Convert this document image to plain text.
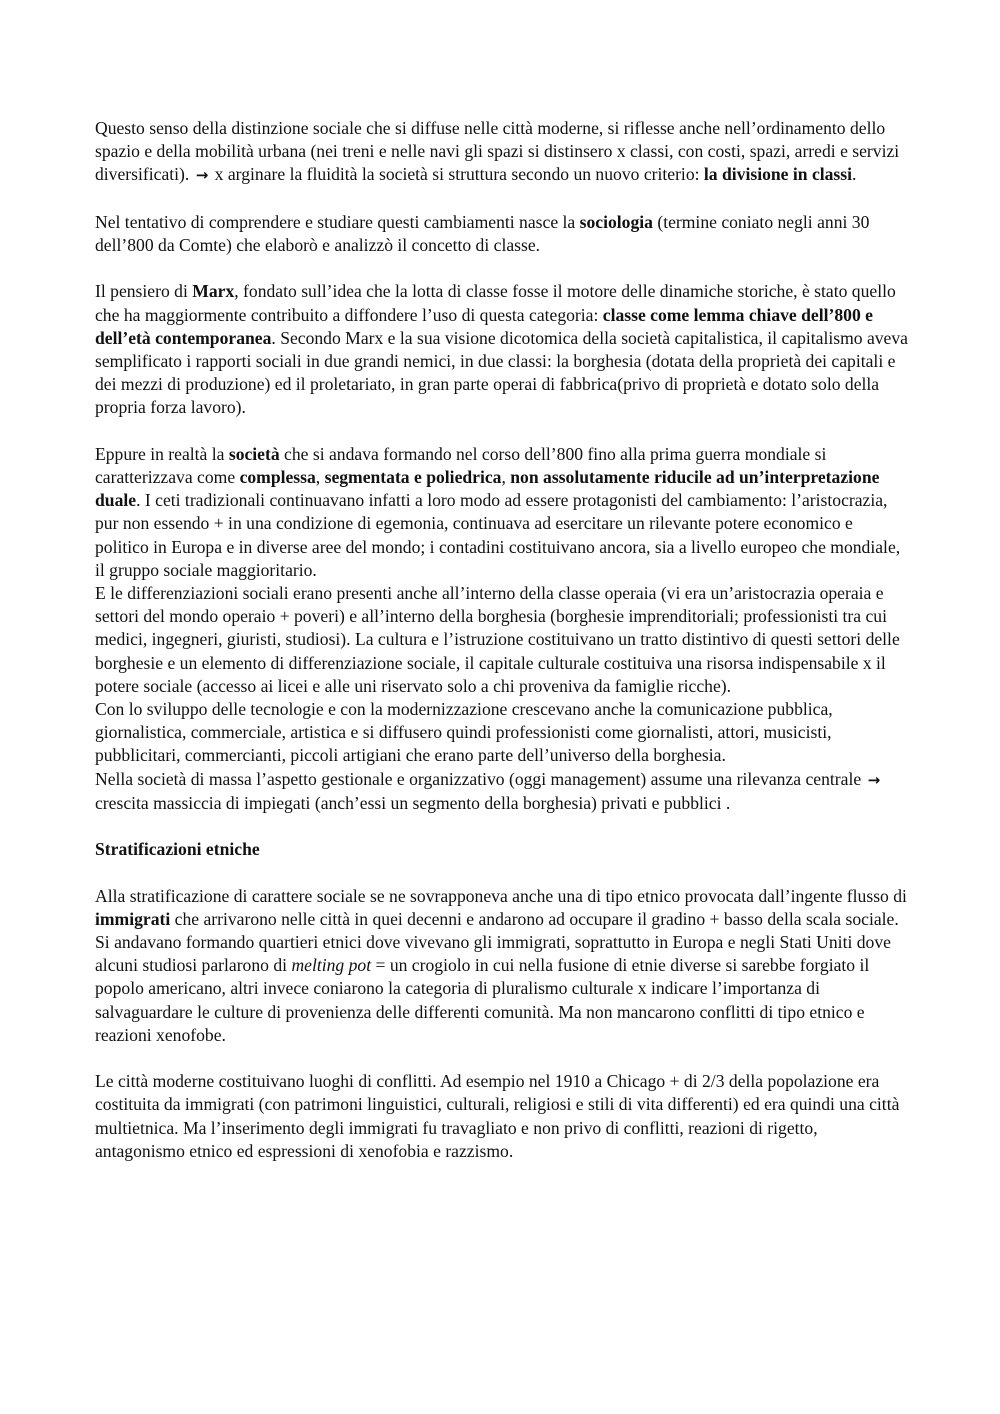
Questo senso della distinzione sociale che si diffuse nelle città moderne, si riflesse anche nell’ordinamento dello spazio e della mobilità urbana (nei treni e nelle navi gli spazi si distinsero x classi, con costi, spazi, arredi e servizi diversificati). → x arginare la fluidità la società si struttura secondo un nuovo criterio: la divisione in classi.

Nel tentativo di comprendere e studiare questi cambiamenti nasce la sociologia (termine coniato negli anni 30 dell’800 da Comte) che elaborò e analizzò il concetto di classe.

Il pensiero di Marx, fondato sull’idea che la lotta di classe fosse il motore delle dinamiche storiche, è stato quello che ha maggiormente contribuito a diffondere l’uso di questa categoria: classe come lemma chiave dell’800 e dell’età contemporanea. Secondo Marx e la sua visione dicotomica della società capitalistica, il capitalismo aveva semplificato i rapporti sociali in due grandi nemici, in due classi: la borghesia (dotata della proprietà dei capitali e dei mezzi di produzione) ed il proletariato, in gran parte operai di fabbrica(privo di proprietà e dotato solo della propria forza lavoro).

Eppure in realtà la società che si andava formando nel corso dell’800 fino alla prima guerra mondiale si caratterizzava come complessa, segmentata e poliedrica, non assolutamente riducile ad un’interpretazione duale. I ceti tradizionali continuavano infatti a loro modo ad essere protagonisti del cambiamento: l’aristocrazia, pur non essendo + in una condizione di egemonia, continuava ad esercitare un rilevante potere economico e politico in Europa e in diverse aree del mondo; i contadini costituivano ancora, sia a livello europeo che mondiale, il gruppo sociale maggioritario.

E le differenziazioni sociali erano presenti anche all’interno della classe operaia (vi era un’aristocrazia operaia e settori del mondo operaio + poveri) e all’interno della borghesia (borghesie imprenditoriali; professionisti tra cui medici, ingegneri, giuristi, studiosi). La cultura e l’istruzione costituivano un tratto distintivo di questi settori delle borghesie e un elemento di differenziazione sociale, il capitale culturale costituiva una risorsa indispensabile x il potere sociale (accesso ai licei e alle uni riservato solo a chi proveniva da famiglie ricche).

Con lo sviluppo delle tecnologie e con la modernizzazione crescevano anche la comunicazione pubblica, giornalistica, commerciale, artistica e si diffusero quindi professionisti come giornalisti, attori, musicisti, pubblicitari, commercianti, piccoli artigiani che erano parte dell’universo della borghesia.

Nella società di massa l’aspetto gestionale e organizzativo (oggi management) assume una rilevanza centrale → crescita massiccia di impiegati (anch’essi un segmento della borghesia) privati e pubblici .

Stratificazioni etniche

Alla stratificazione di carattere sociale se ne sovrapponeva anche una di tipo etnico provocata dall’ingente flusso di immigrati che arrivarono nelle città in quei decenni e andarono ad occupare il gradino + basso della scala sociale. Si andavano formando quartieri etnici dove vivevano gli immigrati, soprattutto in Europa e negli Stati Uniti dove alcuni studiosi parlarono di melting pot = un crogiolo in cui nella fusione di etnie diverse si sarebbe forgiato il popolo americano, altri invece coniarono la categoria di pluralismo culturale x indicare l’importanza di salvaguardare le culture di provenienza delle differenti comunità. Ma non mancarono conflitti di tipo etnico e reazioni xenofobe.

Le città moderne costituivano luoghi di conflitti. Ad esempio nel 1910 a Chicago + di 2/3 della popolazione era costituita da immigrati (con patrimoni linguistici, culturali, religiosi e stili di vita differenti) ed era quindi una città multietnica. Ma l’inserimento degli immigrati fu travagliato e non privo di conflitti, reazioni di rigetto, antagonismo etnico ed espressioni di xenofobia e razzismo.
